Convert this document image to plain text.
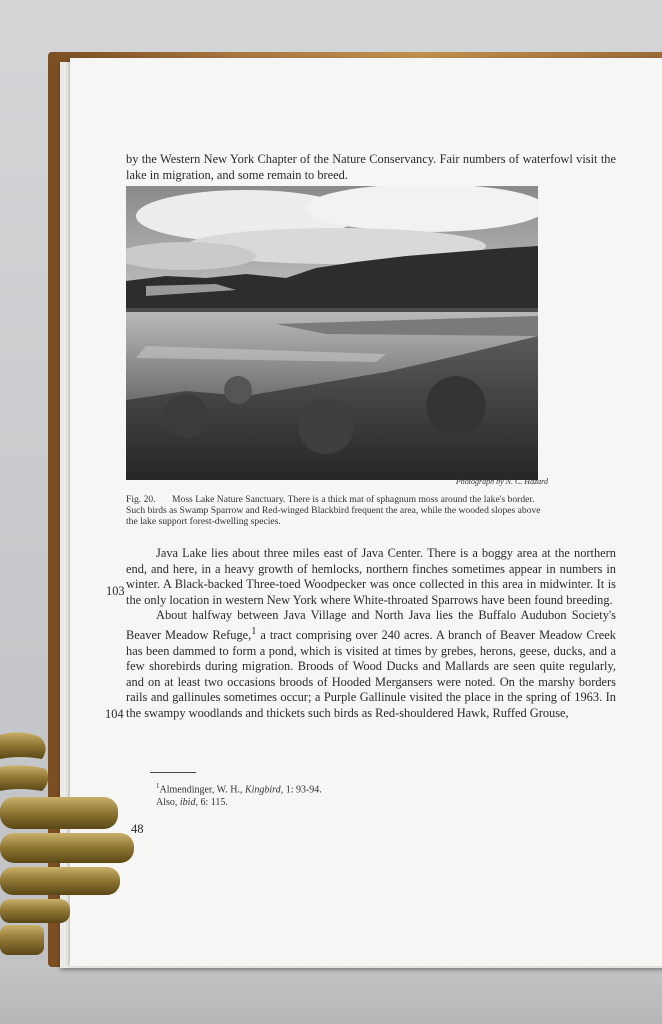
by the Western New York Chapter of the Nature Conservancy. Fair numbers of waterfowl visit the lake in migration, and some remain to breed.

Photograph by N. C. Hazard
Fig. 20. Moss Lake Nature Sanctuary. There is a thick mat of sphagnum moss around the lake's border. Such birds as Swamp Sparrow and Red-winged Blackbird frequent the area, while the wooded slopes above the lake support forest-dwelling species.

Java Lake lies about three miles east of Java Center. There is a boggy area at the northern end, and here, in a heavy growth of hemlocks, northern finches sometimes appear in numbers in winter. A Black-backed Three-toed Woodpecker was once collected in this area in midwinter. It is the only location in western New York where White-throated Sparrows have been found breeding.

About halfway between Java Village and North Java lies the Buffalo Audubon Society's Beaver Meadow Refuge,$^1$ a tract comprising over 240 acres. A branch of Beaver Meadow Creek has been dammed to form a pond, which is visited at times by grebes, herons, geese, ducks, and a few shorebirds during migration. Broods of Wood Ducks and Mallards are seen quite regularly, and on at least two occasions broods of Hooded Mergansers were noted. On the marshy borders rails and gallinules sometimes occur; a Purple Gallinule visited the place in the spring of 1963. In the swampy woodlands and thickets such birds as Red-shouldered Hawk, Ruffed Grouse,

103
104
$^1$Almendinger, W. H., Kingbird, 1: 93-94.
Also, ibid, 6: 115.
48
